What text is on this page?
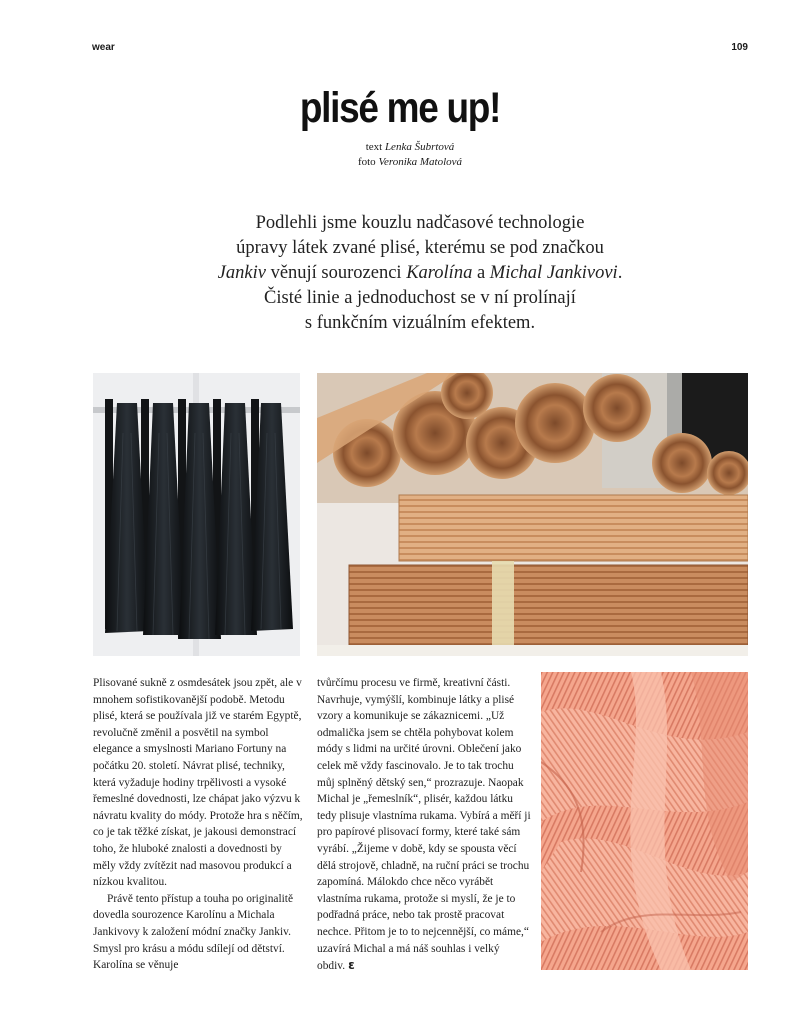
wear	109
plisé me up!
text Lenka Šubrtová
foto Veronika Matolová
Podlehli jsme kouzlu nadčasové technologie
úpravy látek zvané plisé, kterému se pod značkou
Jankiv věnují sourozenci Karolína a Michal Jankivovi.
Čisté linie a jednoduchost se v ní prolínají
s funkčním vizuálním efektem.

Plisované sukně z osmdesátek jsou zpět, ale v mnohem sofistikovanější podobě. Metodu plisé, která se používala již ve starém Egyptě, revolučně změnil a posvětil na symbol elegance a smyslnosti Mariano Fortuny na počátku 20. století. Návrat plisé, techniky, která vyžaduje hodiny trpělivosti a vysoké řemeslné dovednosti, lze chápat jako výzvu k návratu kvality do módy. Protože hra s něčím, co je tak těžké získat, je jakousi demonstrací toho, že hluboké znalosti a dovednosti by měly vždy zvítězit nad masovou produkcí a nízkou kvalitou.

Právě tento přístup a touha po originalitě dovedla sourozence Karolínu a Michala Jankivovy k založení módní značky Jankiv. Smysl pro krásu a módu sdílejí od dětství. Karolína se věnuje

tvůrčímu procesu ve firmě, kreativní části. Navrhuje, vymýšlí, kombinuje látky a plisé vzory a komunikuje se zákaznicemi. „Už odmalička jsem se chtěla pohybovat kolem módy s lidmi na určité úrovni. Oblečení jako celek mě vždy fascinovalo. Je to tak trochu můj splněný dětský sen,“ prozrazuje. Naopak Michal je „řemeslník“, plisér, každou látku tedy plisuje vlastníma rukama. Vybírá a měří ji pro papírové plisovací formy, které také sám vyrábí. „Žijeme v době, kdy se spousta věcí dělá strojově, chladně, na ruční práci se trochu zapomíná. Málokdo chce něco vyrábět vlastníma rukama, protože si myslí, že je to podřadná práce, nebo tak prostě pracovat nechce. Přitom je to to nejcennější, co máme,“ uzavírá Michal a má náš souhlas i velký obdiv. ε
